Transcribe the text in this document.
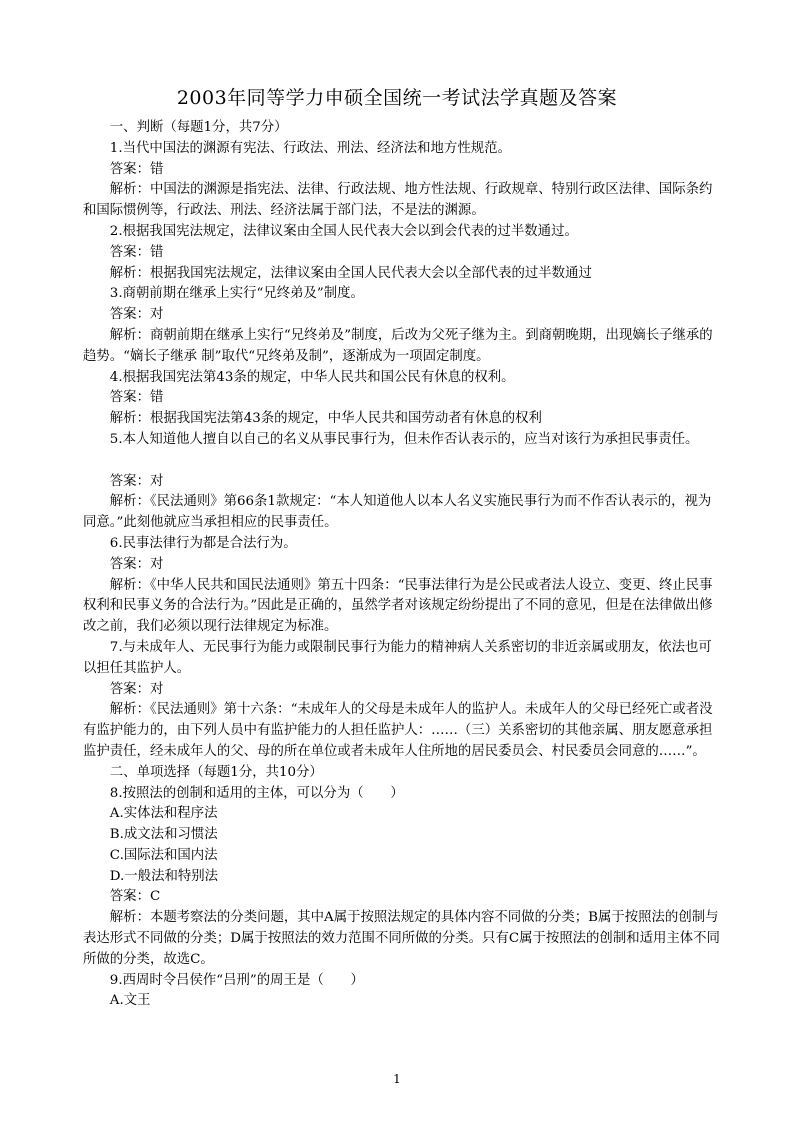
2003年同等学力申硕全国统一考试法学真题及答案

一、判断（每题1分，共7分）

1.当代中国法的渊源有宪法、行政法、刑法、经济法和地方性规范。

答案：错

解析：中国法的渊源是指宪法、法律、行政法规、地方性法规、行政规章、特别行政区法律、国际条约和国际惯例等，行政法、刑法、经济法属于部门法，不是法的渊源。

2.根据我国宪法规定，法律议案由全国人民代表大会以到会代表的过半数通过。

答案：错

解析：根据我国宪法规定，法律议案由全国人民代表大会以全部代表的过半数通过

3.商朝前期在继承上实行“兄终弟及”制度。

答案：对

解析：商朝前期在继承上实行“兄终弟及”制度，后改为父死子继为主。到商朝晚期，出现嫡长子继承的趋势。“嫡长子继承 制”取代“兄终弟及制”，逐渐成为一项固定制度。

4.根据我国宪法第43条的规定，中华人民共和国公民有休息的权利。

答案：错

解析：根据我国宪法第43条的规定，中华人民共和国劳动者有休息的权利

5.本人知道他人擅自以自己的名义从事民事行为，但未作否认表示的，应当对该行为承担民事责任。

答案：对

解析：《民法通则》第66条1款规定：“本人知道他人以本人名义实施民事行为而不作否认表示的，视为同意。”此刻他就应当承担相应的民事责任。

6.民事法律行为都是合法行为。

答案：对

解析：《中华人民共和国民法通则》第五十四条：“民事法律行为是公民或者法人设立、变更、终止民事权利和民事义务的合法行为。”因此是正确的，虽然学者对该规定纷纷提出了不同的意见，但是在法律做出修改之前，我们必须以现行法律规定为标准。

7.与未成年人、无民事行为能力或限制民事行为能力的精神病人关系密切的非近亲属或朋友，依法也可以担任其监护人。

答案：对

解析：《民法通则》第十六条：“未成年人的父母是未成年人的监护人。未成年人的父母已经死亡或者没有监护能力的，由下列人员中有监护能力的人担任监护人：……（三）关系密切的其他亲属、朋友愿意承担监护责任，经未成年人的父、母的所在单位或者未成年人住所地的居民委员会、村民委员会同意的……”。

二、单项选择（每题1分，共10分）

8.按照法的创制和适用的主体，可以分为（　　）

A.实体法和程序法

B.成文法和习惯法

C.国际法和国内法

D.一般法和特别法

答案：C

解析：本题考察法的分类问题，其中A属于按照法规定的具体内容不同做的分类；B属于按照法的创制与表达形式不同做的分类；D属于按照法的效力范围不同所做的分类。只有C属于按照法的创制和适用主体不同所做的分类，故选C。

9.西周时令吕侯作“吕刑”的周王是（　　）

A.文王

1
